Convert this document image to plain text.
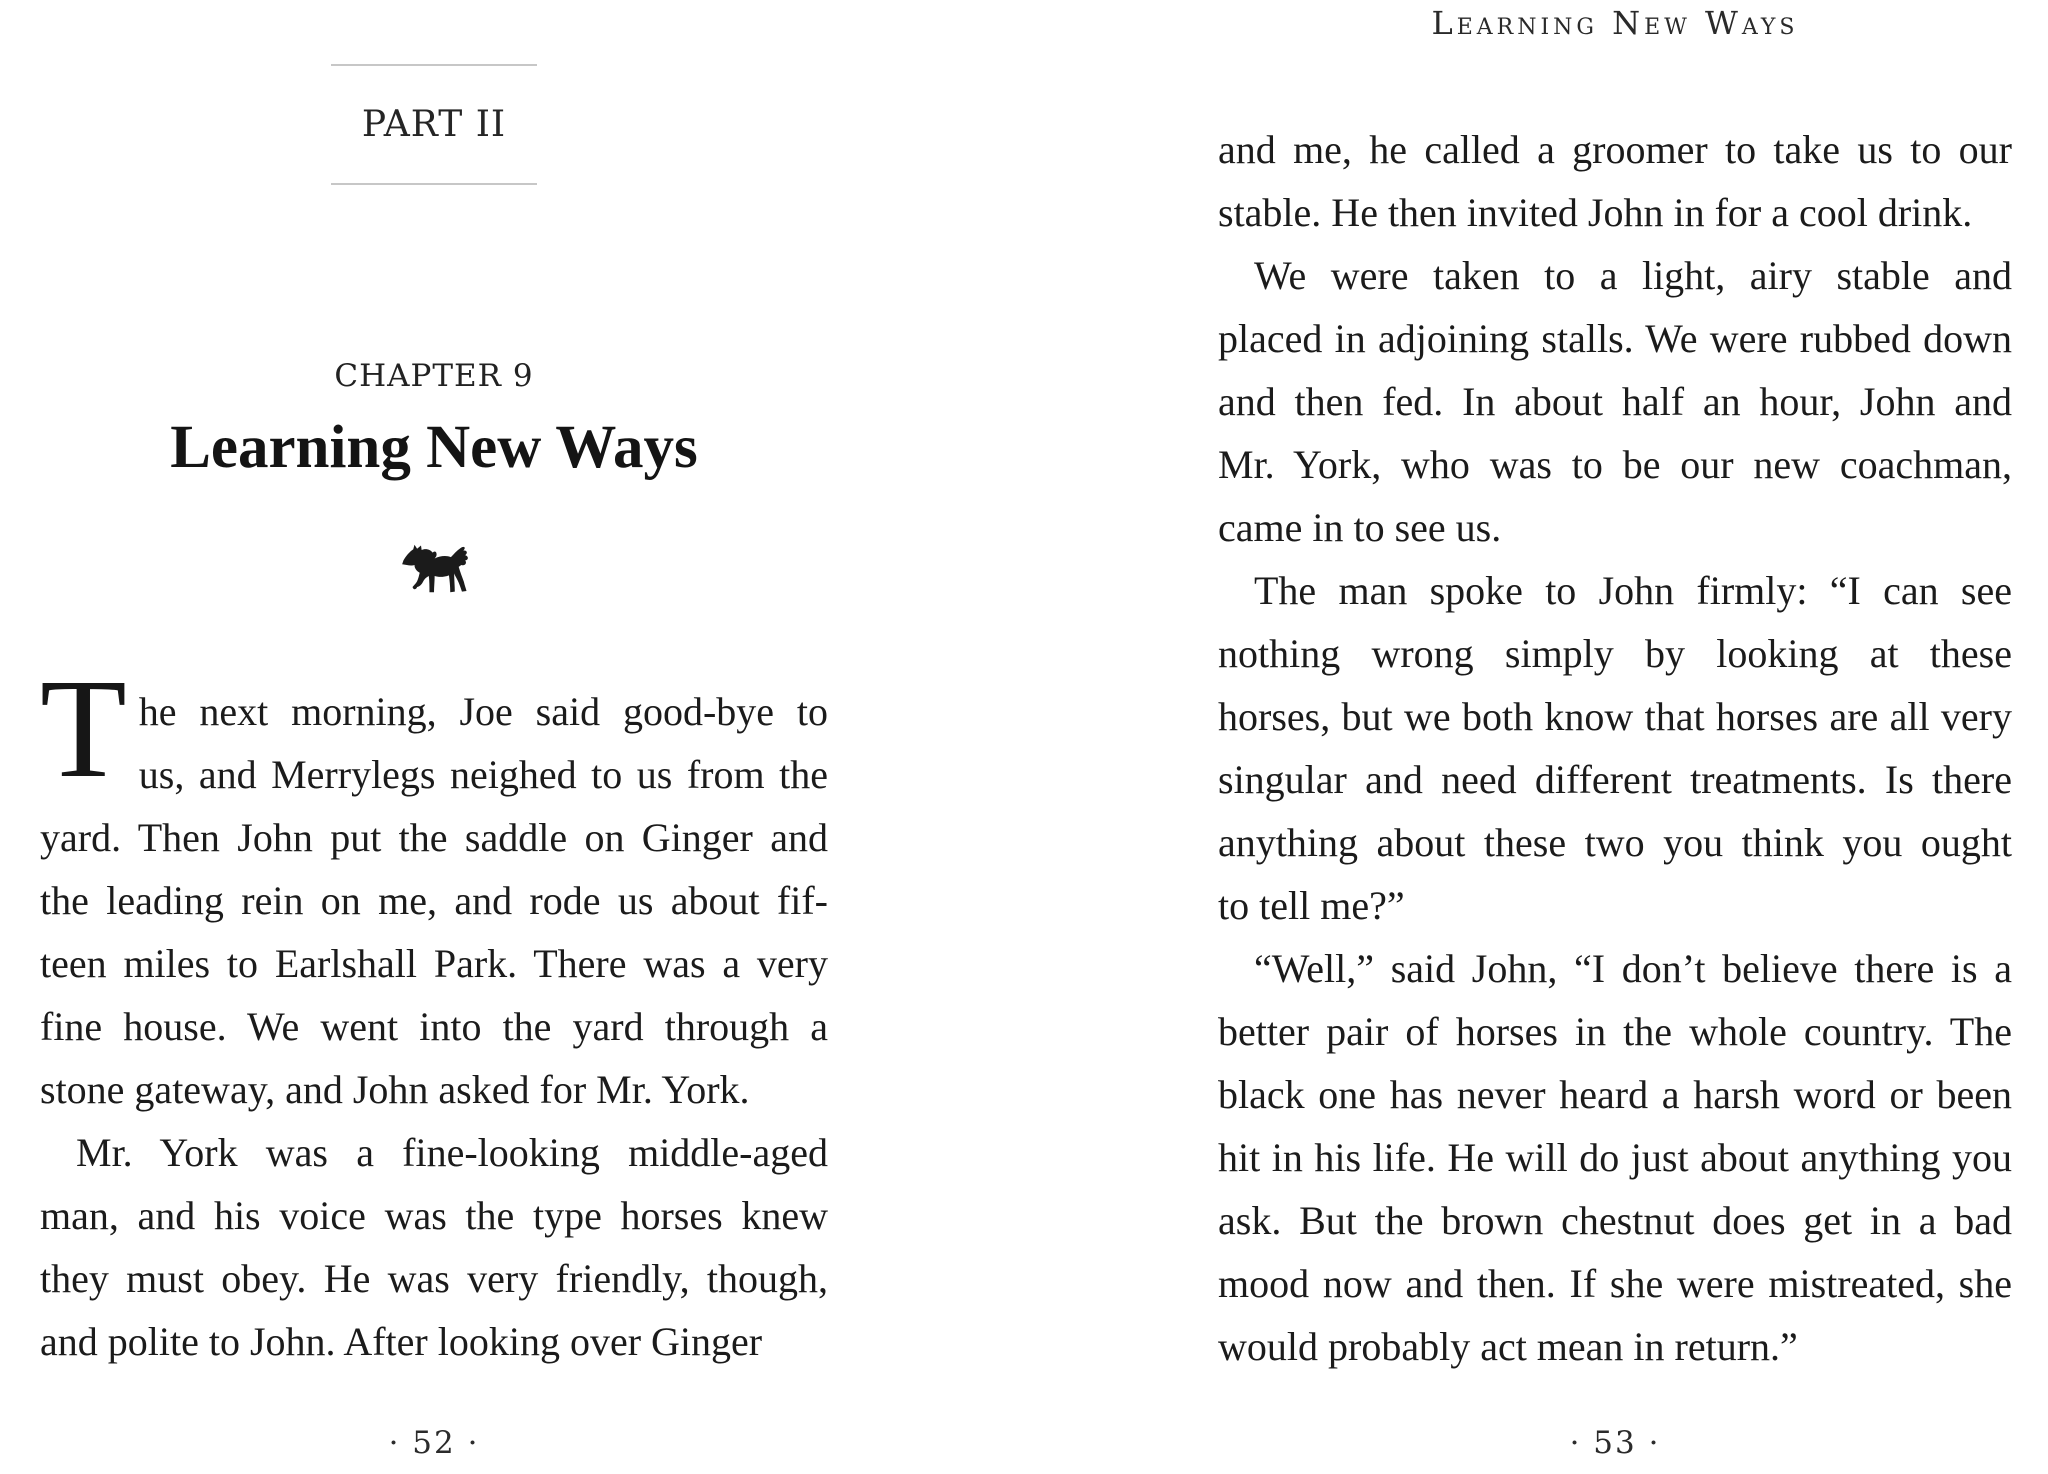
PART II
CHAPTER 9
Learning New Ways
T he next morning, Joe said good-bye to
us, and Merrylegs neighed to us from the
yard. Then John put the saddle on Ginger and
the leading rein on me, and rode us about fif-
teen miles to Earlshall Park. There was a very
fine house. We went into the yard through a
stone gateway, and John asked for Mr. York.
Mr. York was a fine-looking middle-aged
man, and his voice was the type horses knew
they must obey. He was very friendly, though,
and polite to John. After looking over Ginger
· 52 ·
Learning New Ways
and me, he called a groomer to take us to our
stable. He then invited John in for a cool drink.
We were taken to a light, airy stable and
placed in adjoining stalls. We were rubbed down
and then fed. In about half an hour, John and
Mr. York, who was to be our new coachman,
came in to see us.
The man spoke to John firmly: “I can see
nothing wrong simply by looking at these
horses, but we both know that horses are all very
singular and need different treatments. Is there
anything about these two you think you ought
to tell me?”
“Well,” said John, “I don’t believe there is a
better pair of horses in the whole country. The
black one has never heard a harsh word or been
hit in his life. He will do just about anything you
ask. But the brown chestnut does get in a bad
mood now and then. If she were mistreated, she
would probably act mean in return.”
· 53 ·
